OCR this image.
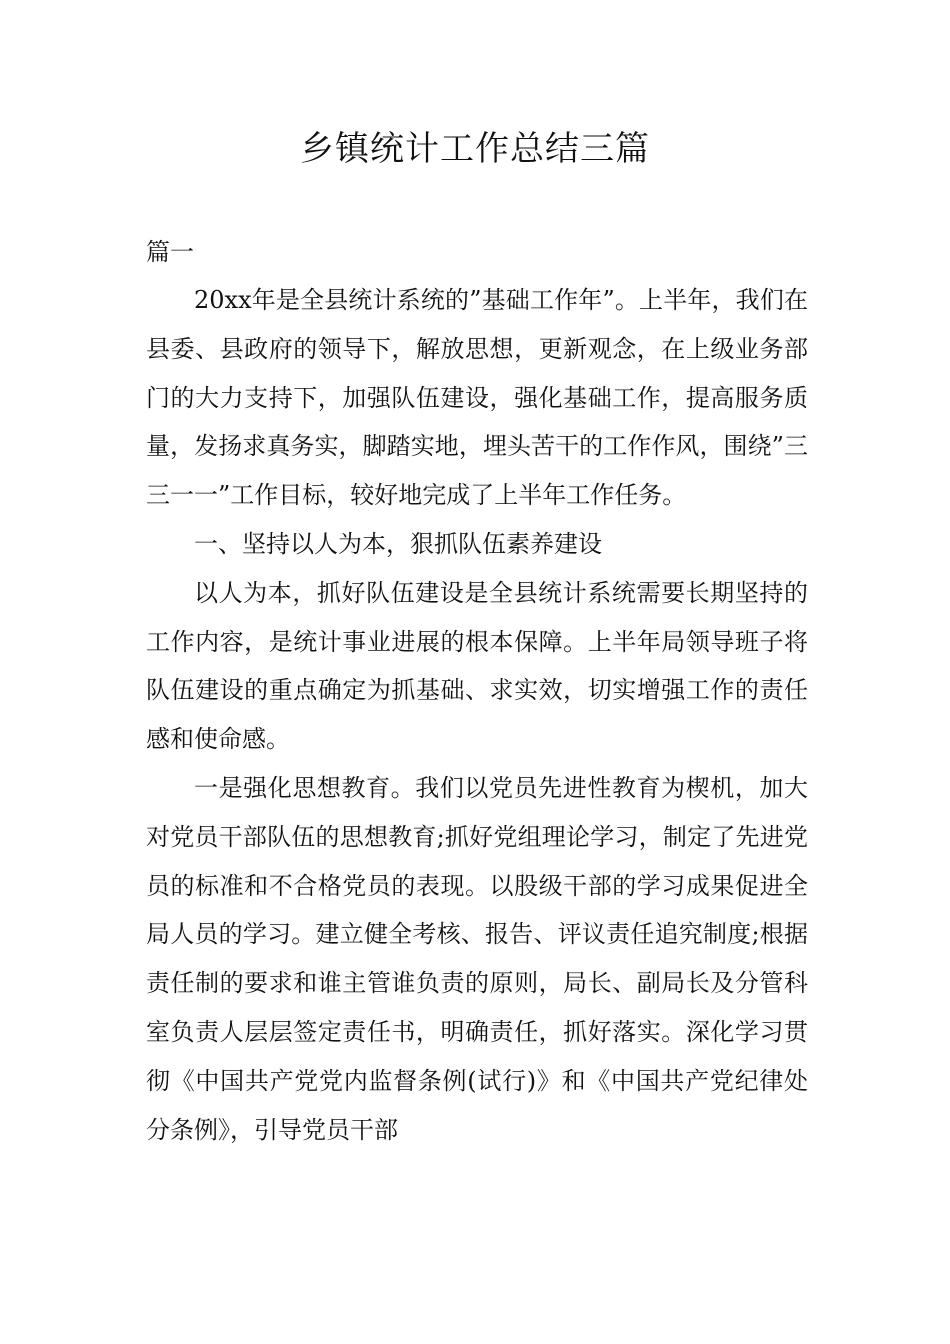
乡镇统计工作总结三篇

篇一

20xx年是全县统计系统的”基础工作年”。上半年，我们在县委、县政府的领导下，解放思想，更新观念，在上级业务部门的大力支持下，加强队伍建设，强化基础工作，提高服务质量，发扬求真务实，脚踏实地，埋头苦干的工作作风，围绕”三三一一”工作目标，较好地完成了上半年工作任务。

一、坚持以人为本，狠抓队伍素养建设

以人为本，抓好队伍建设是全县统计系统需要长期坚持的工作内容，是统计事业进展的根本保障。上半年局领导班子将队伍建设的重点确定为抓基础、求实效，切实增强工作的责任感和使命感。

一是强化思想教育。我们以党员先进性教育为楔机，加大对党员干部队伍的思想教育;抓好党组理论学习，制定了先进党员的标准和不合格党员的表现。以股级干部的学习成果促进全局人员的学习。建立健全考核、报告、评议责任追究制度;根据责任制的要求和谁主管谁负责的原则，局长、副局长及分管科室负责人层层签定责任书，明确责任，抓好落实。深化学习贯彻《中国共产党党内监督条例(试行)》和《中国共产党纪律处分条例》，引导党员干部
